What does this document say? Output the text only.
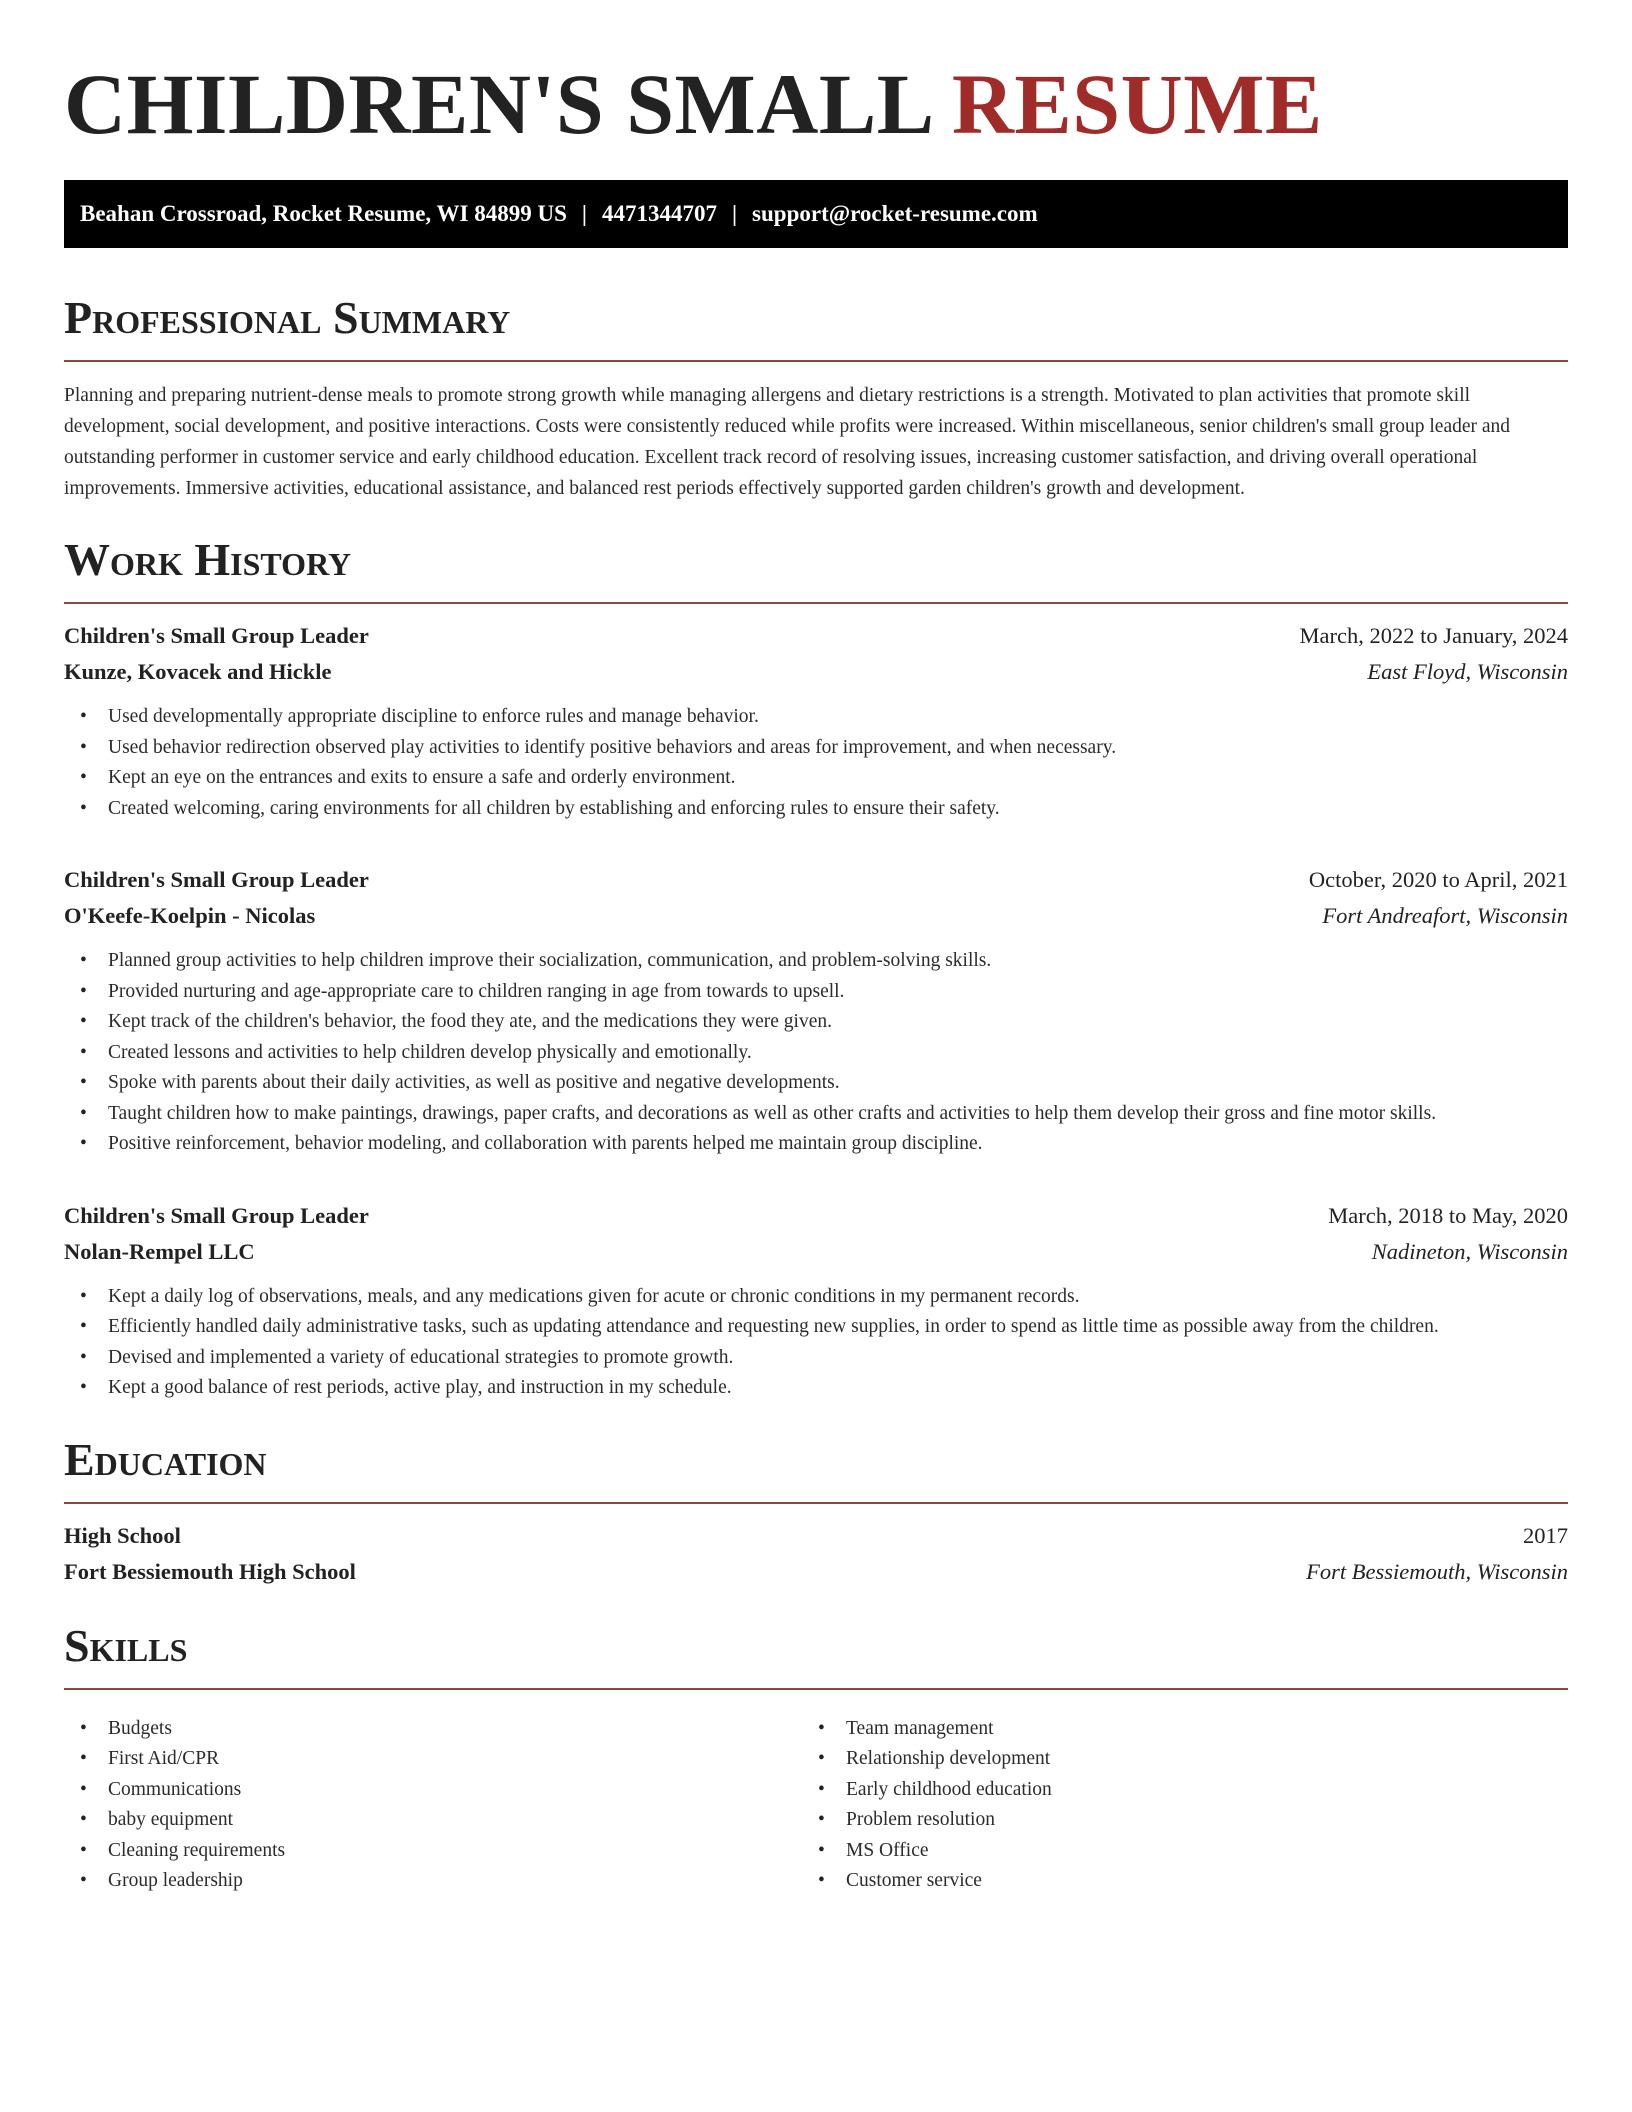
CHILDREN'S SMALL RESUME
Beahan Crossroad, Rocket Resume, WI 84899 US | 4471344707 | support@rocket-resume.com
Professional Summary

Planning and preparing nutrient-dense meals to promote strong growth while managing allergens and dietary restrictions is a strength. Motivated to plan activities that promote skill development, social development, and positive interactions. Costs were consistently reduced while profits were increased. Within miscellaneous, senior children's small group leader and outstanding performer in customer service and early childhood education. Excellent track record of resolving issues, increasing customer satisfaction, and driving overall operational improvements. Immersive activities, educational assistance, and balanced rest periods effectively supported garden children's growth and development.

Work History
Children's Small Group Leader	March, 2022 to January, 2024
Kunze, Kovacek and Hickle	East Floyd, Wisconsin
• Used developmentally appropriate discipline to enforce rules and manage behavior.
• Used behavior redirection observed play activities to identify positive behaviors and areas for improvement, and when necessary.
• Kept an eye on the entrances and exits to ensure a safe and orderly environment.
• Created welcoming, caring environments for all children by establishing and enforcing rules to ensure their safety.
Children's Small Group Leader	October, 2020 to April, 2021
O'Keefe-Koelpin - Nicolas	Fort Andreafort, Wisconsin
• Planned group activities to help children improve their socialization, communication, and problem-solving skills.
• Provided nurturing and age-appropriate care to children ranging in age from towards to upsell.
• Kept track of the children's behavior, the food they ate, and the medications they were given.
• Created lessons and activities to help children develop physically and emotionally.
• Spoke with parents about their daily activities, as well as positive and negative developments.
• Taught children how to make paintings, drawings, paper crafts, and decorations as well as other crafts and activities to help them develop their gross and fine motor skills.
• Positive reinforcement, behavior modeling, and collaboration with parents helped me maintain group discipline.
Children's Small Group Leader	March, 2018 to May, 2020
Nolan-Rempel LLC	Nadineton, Wisconsin
• Kept a daily log of observations, meals, and any medications given for acute or chronic conditions in my permanent records.
• Efficiently handled daily administrative tasks, such as updating attendance and requesting new supplies, in order to spend as little time as possible away from the children.
• Devised and implemented a variety of educational strategies to promote growth.
• Kept a good balance of rest periods, active play, and instruction in my schedule.
Education
High School	2017
Fort Bessiemouth High School	Fort Bessiemouth, Wisconsin
Skills
• Budgets
• First Aid/CPR
• Communications
• baby equipment
• Cleaning requirements
• Group leadership
• Team management
• Relationship development
• Early childhood education
• Problem resolution
• MS Office
• Customer service
